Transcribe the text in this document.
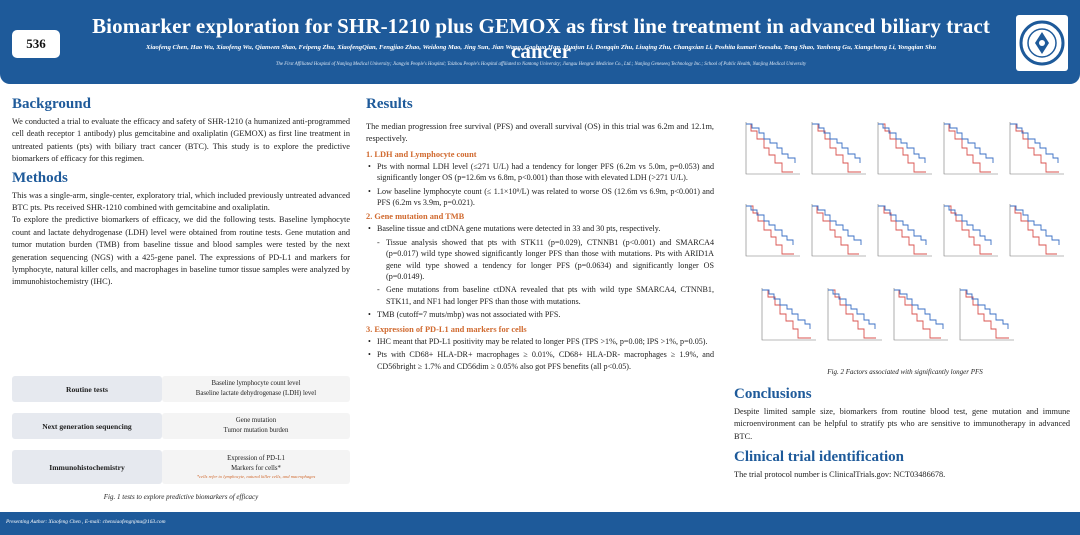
536
Biomarker exploration for SHR-1210 plus GEMOX as first line treatment in advanced biliary tract cancer
Xiaofeng Chen, Hao Wu, Xiaofeng Wu, Qianwen Shao, Feipeng Zhu, XiaofengQian, Fengjiao Zhao, Weidong Mao, Jing Sun, Jian Wang, Gaohua Han, Huajun Li, Dongqin Zhu, Liuqing Zhu, Changxian Li, Poshita kumari Seesaha, Tong Shao, Yanhong Gu, Xiangcheng Li, Yongqian Shu
The First Affiliated Hospital of Nanjing Medical University; Jiangyin People's Hospital; Taizhou People's Hospital affiliated to Nantong University; Jiangsu Hengrui Medicine Co., Ltd.; Nanjing Geneseeq Technology Inc.; School of Public Health, Nanjing Medical University
Background

We conducted a trial to evaluate the efficacy and safety of SHR-1210 (a humanized anti-programmed cell death receptor 1 antibody) plus gemcitabine and oxaliplatin (GEMOX) as first line treatment in untreated patients (pts) with biliary tract cancer (BTC). This study is to explore the predictive biomarkers of efficacy for this regimen.

Methods

This was a single-arm, single-center, exploratory trial, which included previously untreated advanced BTC pts. Pts received SHR-1210 combined with gemcitabine and oxaliplatin.

To explore the predictive biomarkers of efficacy, we did the following tests. Baseline lymphocyte count and lactate dehydrogenase (LDH) level were obtained from routine tests. Gene mutation and tumor mutation burden (TMB) from baseline tissue and blood samples were tested by the next generation sequencing (NGS) with a 425-gene panel. The expressions of PD-L1 and markers for lymphocyte, natural killer cells, and macrophages in baseline tumor tissue samples were analyzed by immunohistochemistry (IHC).

Routine tests
Baseline lymphocyte count level
Baseline lactate dehydrogenase (LDH) level
Next generation sequencing
Gene mutation
Tumor mutation burden
Immunohistochemistry
Expression of PD-L1
Markers for cells*
*cells refer to lymphocyte, natural killer cells, and macrophages
Fig. 1 tests to explore predictive biomarkers of efficacy
Results

The median progression free survival (PFS) and overall survival (OS) in this trial was 6.2m and 12.1m, respectively.

1. LDH and Lymphocyte count
• Pts with normal LDH level (≤271 U/L) had a tendency for longer PFS (6.2m vs 5.0m, p=0.053) and significantly longer OS (p=12.6m vs 6.8m, p<0.001) than those with elevated LDH (>271 U/L).
• Low baseline lymphocyte count (≤ 1.1×10⁹/L) was related to worse OS (12.6m vs 6.9m, p<0.001) and PFS (6.2m vs 3.9m, p=0.021).
2. Gene mutation and TMB
• Baseline tissue and ctDNA gene mutations were detected in 33 and 30 pts, respectively.
- Tissue analysis showed that pts with STK11 (p=0.029), CTNNB1 (p<0.001) and SMARCA4 (p=0.017) wild type showed significantly longer PFS than those with mutations. Pts with ARID1A gene wild type showed a tendency for longer PFS (p=0.0634) and significantly longer OS (p=0.0149).
- Gene mutations from baseline ctDNA revealed that pts with wild type SMARCA4, CTNNB1, STK11, and NF1 had longer PFS than those with mutations.
• TMB (cutoff=7 muts/mbp) was not associated with PFS.
3. Expression of PD-L1 and markers for cells
• IHC meant that PD-L1 positivity may be related to longer PFS (TPS >1%, p=0.08; IPS >1%, p=0.05).
• Pts with CD68+ HLA-DR+ macrophages ≥ 0.01%, CD68+ HLA-DR- macrophages ≥ 1.9%, and CD56bright ≥ 1.7% and CD56dim ≥ 0.05% also got PFS benefits (all p<0.05).
Fig. 2 Factors associated with significantly longer PFS
Conclusions

Despite limited sample size, biomarkers from routine blood test, gene mutation and immune microenvironment can be helpful to stratify pts who are sensitive to immunotherapy in advanced BTC.

Clinical trial identification

The trial protocol number is ClinicalTrials.gov: NCT03486678.

Presenting Author: Xiaofeng Chen , E-mail: chenxiaofengnjmu@163.com
